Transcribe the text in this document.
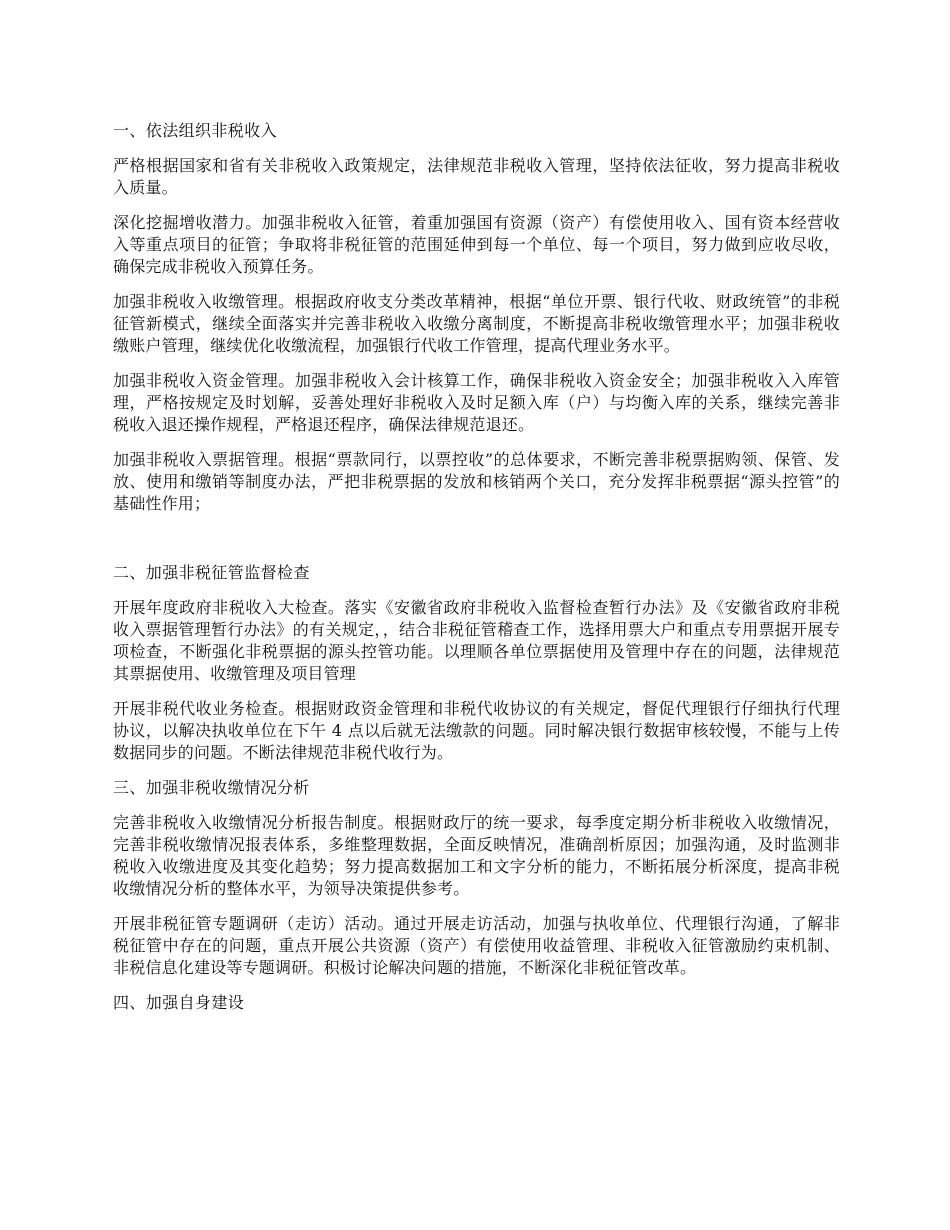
一、依法组织非税收入

严格根据国家和省有关非税收入政策规定，法律规范非税收入管理，坚持依法征收，努力提高非税收入质量。

深化挖掘增收潜力。加强非税收入征管，着重加强国有资源（资产）有偿使用收入、国有资本经营收入等重点项目的征管；争取将非税征管的范围延伸到每一个单位、每一个项目，努力做到应收尽收，确保完成非税收入预算任务。

加强非税收入收缴管理。根据政府收支分类改革精神，根据“单位开票、银行代收、财政统管”的非税征管新模式，继续全面落实并完善非税收入收缴分离制度，不断提高非税收缴管理水平；加强非税收缴账户管理，继续优化收缴流程，加强银行代收工作管理，提高代理业务水平。

加强非税收入资金管理。加强非税收入会计核算工作，确保非税收入资金安全；加强非税收入入库管理，严格按规定及时划解，妥善处理好非税收入及时足额入库（户）与均衡入库的关系，继续完善非税收入退还操作规程，严格退还程序，确保法律规范退还。

加强非税收入票据管理。根据“票款同行，以票控收”的总体要求，不断完善非税票据购领、保管、发放、使用和缴销等制度办法，严把非税票据的发放和核销两个关口，充分发挥非税票据“源头控管”的基础性作用；

二、加强非税征管监督检查

开展年度政府非税收入大检查。落实《安徽省政府非税收入监督检查暂行办法》及《安徽省政府非税收入票据管理暂行办法》的有关规定，，结合非税征管稽查工作，选择用票大户和重点专用票据开展专项检查，不断强化非税票据的源头控管功能。以理顺各单位票据使用及管理中存在的问题，法律规范其票据使用、收缴管理及项目管理

开展非税代收业务检查。根据财政资金管理和非税代收协议的有关规定，督促代理银行仔细执行代理协议，以解决执收单位在下午 4 点以后就无法缴款的问题。同时解决银行数据审核较慢，不能与上传数据同步的问题。不断法律规范非税代收行为。

三、加强非税收缴情况分析

完善非税收入收缴情况分析报告制度。根据财政厅的统一要求，每季度定期分析非税收入收缴情况，完善非税收缴情况报表体系，多维整理数据，全面反映情况，准确剖析原因；加强沟通，及时监测非税收入收缴进度及其变化趋势；努力提高数据加工和文字分析的能力，不断拓展分析深度，提高非税收缴情况分析的整体水平，为领导决策提供参考。

开展非税征管专题调研（走访）活动。通过开展走访活动，加强与执收单位、代理银行沟通，了解非税征管中存在的问题，重点开展公共资源（资产）有偿使用收益管理、非税收入征管激励约束机制、非税信息化建设等专题调研。积极讨论解决问题的措施，不断深化非税征管改革。

四、加强自身建设
